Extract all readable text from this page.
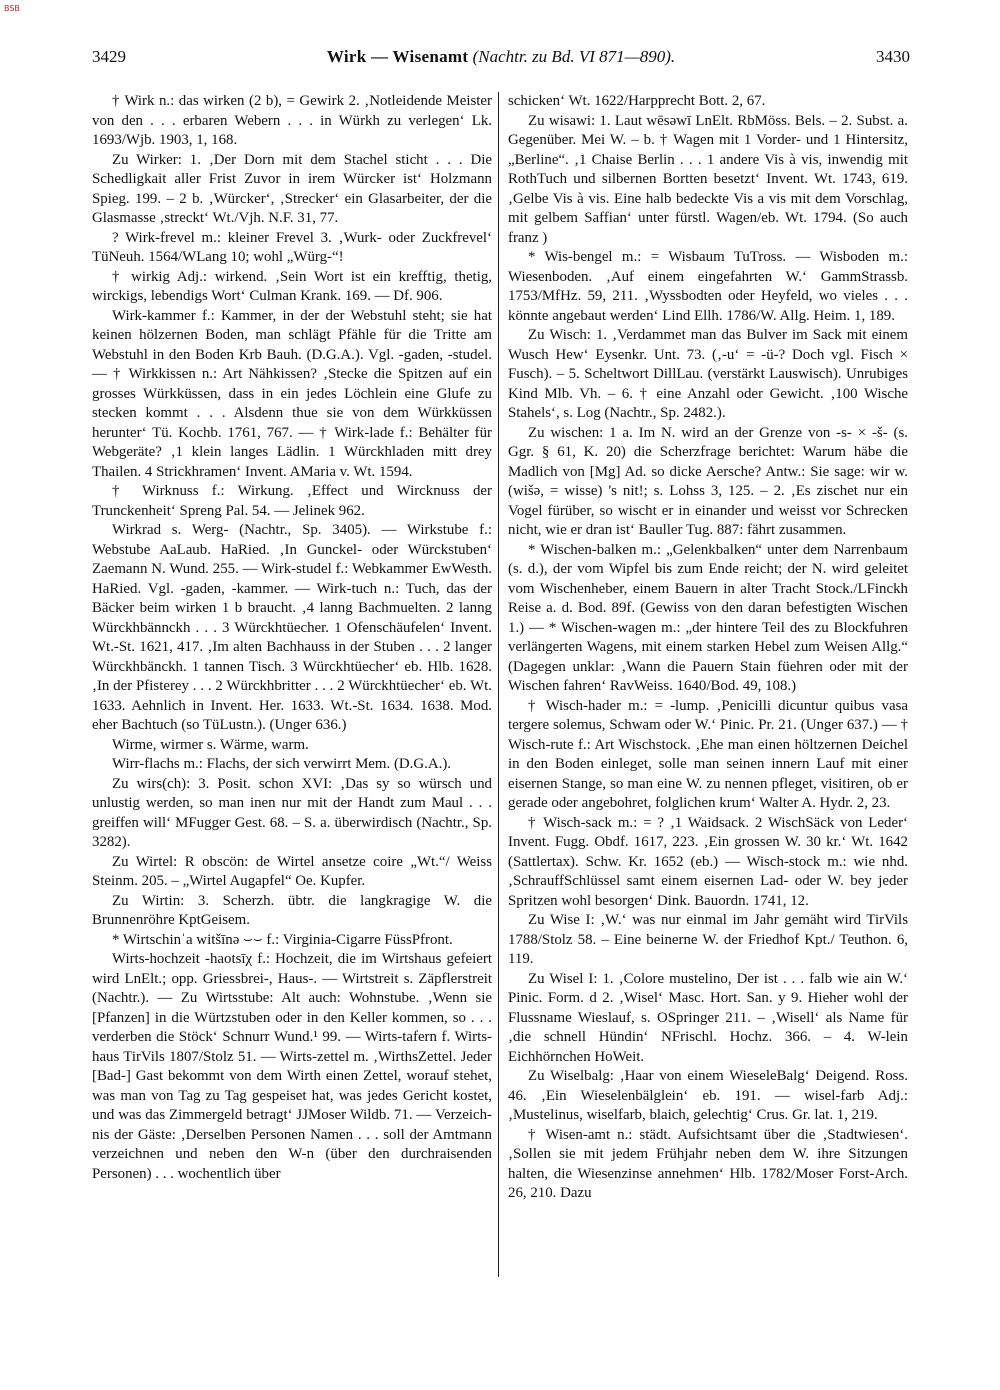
BSB
3429	Wirk — Wisenamt (Nachtr. zu Bd. VI 871—890).	3430

† Wirk n.: das wirken (2 b), = Gewirk 2. ‚Notleidende Meister von den . . . erbaren Webern . . . in Würkh zu verlegen‘ Lk. 1693/Wjb. 1903, 1, 168.

Zu Wirker: 1. ‚Der Dorn mit dem Stachel sticht . . . Die Schedligkait aller Frist Zuvor in irem Würcker ist‘ Holzmann Spieg. 199. – 2 b. ‚Würcker‘, ‚Strecker‘ ein Glasarbeiter, der die Glasmasse ‚streckt‘ Wt./Vjh. N.F. 31, 77.

? Wirk-frevel m.: kleiner Frevel 3. ‚Wurk- oder Zuckfrevel‘ TüNeuh. 1564/WLang 10; wohl „Würg-“!

† wirkig Adj.: wirkend. ‚Sein Wort ist ein krefftig, thetig, wirckigs, lebendigs Wort‘ Culman Krank. 169. — Df. 906.

Wirk-kammer f.: Kammer, in der der Webstuhl steht; sie hat keinen hölzernen Boden, man schlägt Pfähle für die Tritte am Webstuhl in den Boden Krb Bauh. (D.G.A.). Vgl. -gaden, -studel. — † Wirkkissen n.: Art Nähkissen? ‚Stecke die Spitzen auf ein grosses Würkküssen, dass in ein jedes Löchlein eine Glufe zu stecken kommt . . . Alsdenn thue sie von dem Würkküssen herunter‘ Tü. Kochb. 1761, 767. — † Wirk-lade f.: Behälter für Webgeräte? ‚1 klein langes Lädlin. 1 Würckhladen mitt drey Thailen. 4 Strickhramen‘ Invent. AMaria v. Wt. 1594.

† Wirknuss f.: Wirkung. ‚Effect und Wircknuss der Trunckenheit‘ Spreng Pal. 54. — Jelinek 962.

Wirkrad s. Werg- (Nachtr., Sp. 3405). — Wirkstube f.: Webstube AaLaub. HaRied. ‚In Gunckel- oder Würckstuben‘ Zaemann N. Wund. 255. — Wirk-studel f.: Webkammer EwWesth. HaRied. Vgl. -gaden, -kammer. — Wirk-tuch n.: Tuch, das der Bäcker beim wirken 1 b braucht. ‚4 lanng Bachmuelten. 2 lanng Würckhbännckh . . . 3 Würckhtüecher. 1 Ofenschäufelen‘ Invent. Wt.-St. 1621, 417. ‚Im alten Bachhauss in der Stuben . . . 2 langer Würckhbänckh. 1 tannen Tisch. 3 Würckhtüecher‘ eb. Hlb. 1628. ‚In der Pfisterey . . . 2 Würckhbritter . . . 2 Würckhtüecher‘ eb. Wt. 1633. Aehnlich in Invent. Her. 1633. Wt.-St. 1634. 1638. Mod. eher Bachtuch (so TüLustn.). (Unger 636.)

Wirme, wirmer s. Wärme, warm.

Wirr-flachs m.: Flachs, der sich verwirrt Mem. (D.G.A.).

Zu wirs(ch): 3. Posit. schon XVI: ‚Das sy so würsch und unlustig werden, so man inen nur mit der Handt zum Maul . . . greiffen will‘ MFugger Gest. 68. – S. a. überwirdisch (Nachtr., Sp. 3282).

Zu Wirtel: R obscön: de Wirtel ansetze coire „Wt.“/ Weiss Steinm. 205. – „Wirtel Augapfel“ Oe. Kupfer.

Zu Wirtin: 3. Scherzh. übtr. die langkragige W. die Brunnenröhre KptGeisem.

* Wirtschinˈa witšīnə ⌣⌣ f.: Virginia-Cigarre FüssPfront.

Wirts-hochzeit -haotsīχ f.: Hochzeit, die im Wirtshaus gefeiert wird LnElt.; opp. Griessbrei-, Haus-. — Wirtstreit s. Zäpflerstreit (Nachtr.). — Zu Wirtsstube: Alt auch: Wohnstube. ‚Wenn sie [Pfanzen] in die Würtzstuben oder in den Keller kommen, so . . . verderben die Stöck‘ Schnurr Wund.¹ 99. — Wirts-tafern f. Wirtshaus TirVils 1807/Stolz 51. — Wirts-zettel m. ‚WirthsZettel. Jeder [Bad-] Gast bekommt von dem Wirth einen Zettel, worauf stehet, was man von Tag zu Tag gespeiset hat, was jedes Gericht kostet, und was das Zimmergeld betragt‘ JJMoser Wildb. 71. — Verzeichnis der Gäste: ‚Derselben Personen Namen . . . soll der Amtmann verzeichnen und neben den W-n (über den durchraisenden Personen) . . . wochentlich über

schicken‘ Wt. 1622/Harpprecht Bott. 2, 67.

Zu wisawi: 1. Laut wēsəwī LnElt. RbMöss. Bels. – 2. Subst. a. Gegenüber. Mei W. – b. † Wagen mit 1 Vorder- und 1 Hintersitz, „Berline“. ‚1 Chaise Berlin . . . 1 andere Vis à vis, inwendig mit RothTuch und silbernen Bortten besetzt‘ Invent. Wt. 1743, 619. ‚Gelbe Vis à vis. Eine halb bedeckte Vis a vis mit dem Vorschlag, mit gelbem Saffian‘ unter fürstl. Wagen/eb. Wt. 1794. (So auch franz )

* Wis-bengel m.: = Wisbaum TuTross. — Wisboden m.: Wiesenboden. ‚Auf einem eingefahrten W.‘ GammStrassb. 1753/MfHz. 59, 211. ‚Wyssbodten oder Heyfeld, wo vieles . . . könnte angebaut werden‘ Lind Ellh. 1786/W. Allg. Heim. 1, 189.

Zu Wisch: 1. ‚Verdammet man das Bulver im Sack mit einem Wusch Hew‘ Eysenkr. Unt. 73. (‚-u‘ = -ü-? Doch vgl. Fisch × Fusch). – 5. Scheltwort DillLau. (verstärkt Lauswisch). Unrubiges Kind Mlb. Vh. – 6. † eine Anzahl oder Gewicht. ‚100 Wische Stahels‘, s. Log (Nachtr., Sp. 2482.).

Zu wischen: 1 a. Im N. wird an der Grenze von -s- × -š- (s. Ggr. § 61, K. 20) die Scherzfrage berichtet: Warum häbe die Madlich von [Mg] Ad. so dicke Aersche? Antw.: Sie sage: wir w. (wišə, = wisse) 's nit!; s. Lohss 3, 125. – 2. ‚Es zischet nur ein Vogel fürüber, so wischt er in einander und weisst vor Schrecken nicht, wie er dran ist‘ Bauller Tug. 887: fährt zusammen.

* Wischen-balken m.: „Gelenkbalken“ unter dem Narrenbaum (s. d.), der vom Wipfel bis zum Ende reicht; der N. wird geleitet vom Wischenheber, einem Bauern in alter Tracht Stock./LFinckh Reise a. d. Bod. 89f. (Gewiss von den daran befestigten Wischen 1.) — * Wischen-wagen m.: „der hintere Teil des zu Blockfuhren verlängerten Wagens, mit einem starken Hebel zum Weisen Allg.“ (Dagegen unklar: ‚Wann die Pauern Stain füehren oder mit der Wischen fahren‘ RavWeiss. 1640/Bod. 49, 108.)

† Wisch-hader m.: = -lump. ‚Penicilli dicuntur quibus vasa tergere solemus, Schwam oder W.‘ Pinic. Pr. 21. (Unger 637.) — † Wisch-rute f.: Art Wischstock. ‚Ehe man einen höltzernen Deichel in den Boden einleget, solle man seinen innern Lauf mit einer eisernen Stange, so man eine W. zu nennen pfleget, visitiren, ob er gerade oder angebohret, folglichen krum‘ Walter A. Hydr. 2, 23.

† Wisch-sack m.: = ? ‚1 Waidsack. 2 WischSäck von Leder‘ Invent. Fugg. Obdf. 1617, 223. ‚Ein grossen W. 30 kr.‘ Wt. 1642 (Sattlertax). Schw. Kr. 1652 (eb.) — Wisch-stock m.: wie nhd. ‚SchrauffSchlüssel samt einem eisernen Lad- oder W. bey jeder Spritzen wohl besorgen‘ Dink. Bauordn. 1741, 12.

Zu Wise I: ‚W.‘ was nur einmal im Jahr gemäht wird TirVils 1788/Stolz 58. – Eine beinerne W. der Friedhof Kpt./ Teuthon. 6, 119.

Zu Wisel I: 1. ‚Colore mustelino, Der ist . . . falb wie ain W.‘ Pinic. Form. d 2. ‚Wisel‘ Masc. Hort. San. y 9. Hieher wohl der Flussname Wieslauf, s. OSpringer 211. – ‚Wisell‘ als Name für ‚die schnell Hündin‘ NFrischl. Hochz. 366. – 4. W-lein Eichhörnchen HoWeit.

Zu Wiselbalg: ‚Haar von einem WieseleBalg‘ Deigend. Ross. 46. ‚Ein Wieselenbälglein‘ eb. 191. — wisel-farb Adj.: ‚Mustelinus, wiselfarb, blaich, gelechtig‘ Crus. Gr. lat. 1, 219.

† Wisen-amt n.: städt. Aufsichtsamt über die ‚Stadtwiesen‘. ‚Sollen sie mit jedem Frühjahr neben dem W. ihre Sitzungen halten, die Wiesenzinse annehmen‘ Hlb. 1782/Moser Forst-Arch. 26, 210. Dazu
